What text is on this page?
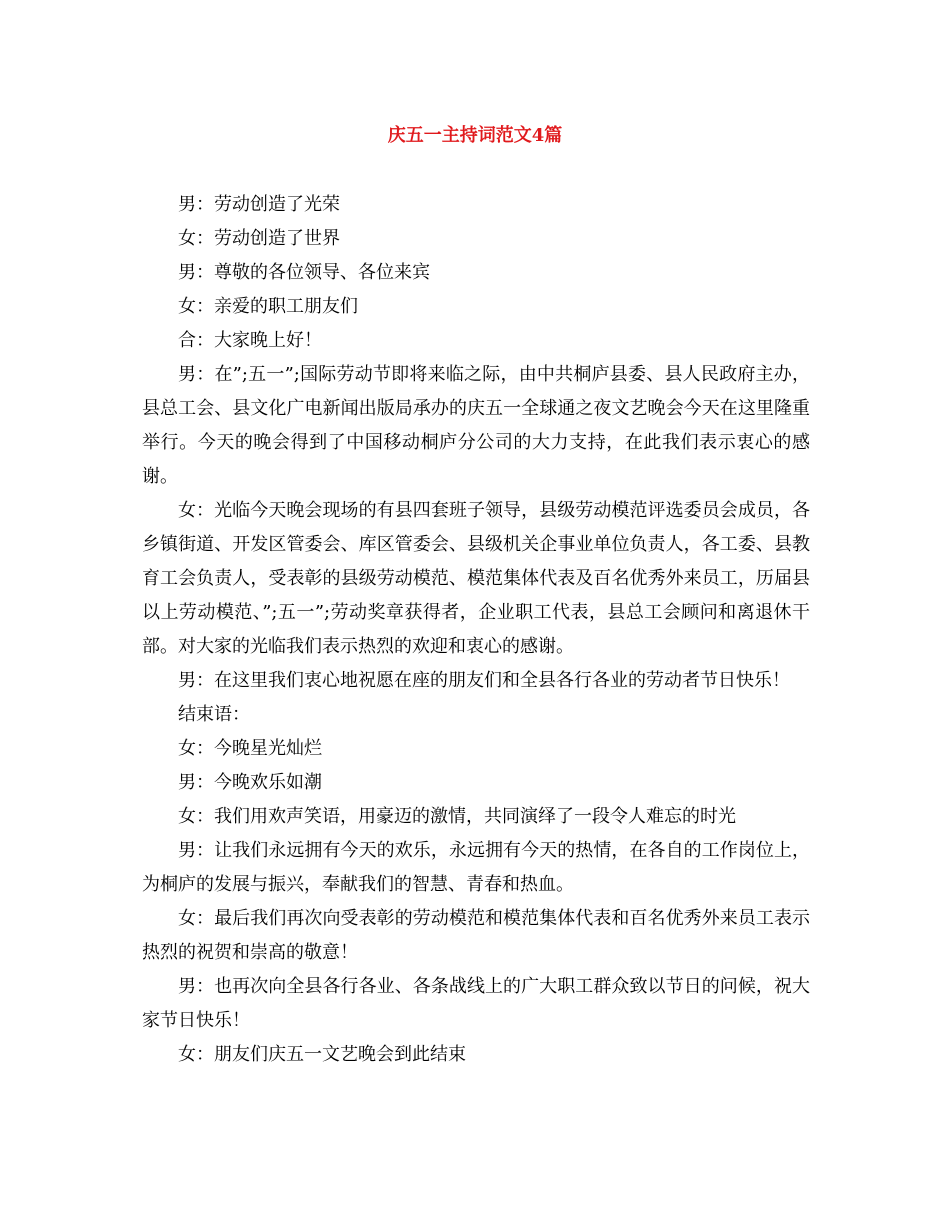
庆五一主持词范文4篇

男：劳动创造了光荣

女：劳动创造了世界

男：尊敬的各位领导、各位来宾

女：亲爱的职工朋友们

合：大家晚上好！

男：在”;五一”;国际劳动节即将来临之际，由中共桐庐县委、县人民政府主办，县总工会、县文化广电新闻出版局承办的庆五一全球通之夜文艺晚会今天在这里隆重举行。今天的晚会得到了中国移动桐庐分公司的大力支持，在此我们表示衷心的感谢。

女：光临今天晚会现场的有县四套班子领导，县级劳动模范评选委员会成员，各乡镇街道、开发区管委会、库区管委会、县级机关企事业单位负责人，各工委、县教育工会负责人，受表彰的县级劳动模范、模范集体代表及百名优秀外来员工，历届县以上劳动模范、”;五一”;劳动奖章获得者，企业职工代表，县总工会顾问和离退休干部。对大家的光临我们表示热烈的欢迎和衷心的感谢。

男：在这里我们衷心地祝愿在座的朋友们和全县各行各业的劳动者节日快乐！

结束语：

女：今晚星光灿烂

男：今晚欢乐如潮

女：我们用欢声笑语，用豪迈的激情，共同演绎了一段令人难忘的时光

男：让我们永远拥有今天的欢乐，永远拥有今天的热情，在各自的工作岗位上，为桐庐的发展与振兴，奉献我们的智慧、青春和热血。

女：最后我们再次向受表彰的劳动模范和模范集体代表和百名优秀外来员工表示热烈的祝贺和崇高的敬意！

男：也再次向全县各行各业、各条战线上的广大职工群众致以节日的问候，祝大家节日快乐！

女：朋友们庆五一文艺晚会到此结束
